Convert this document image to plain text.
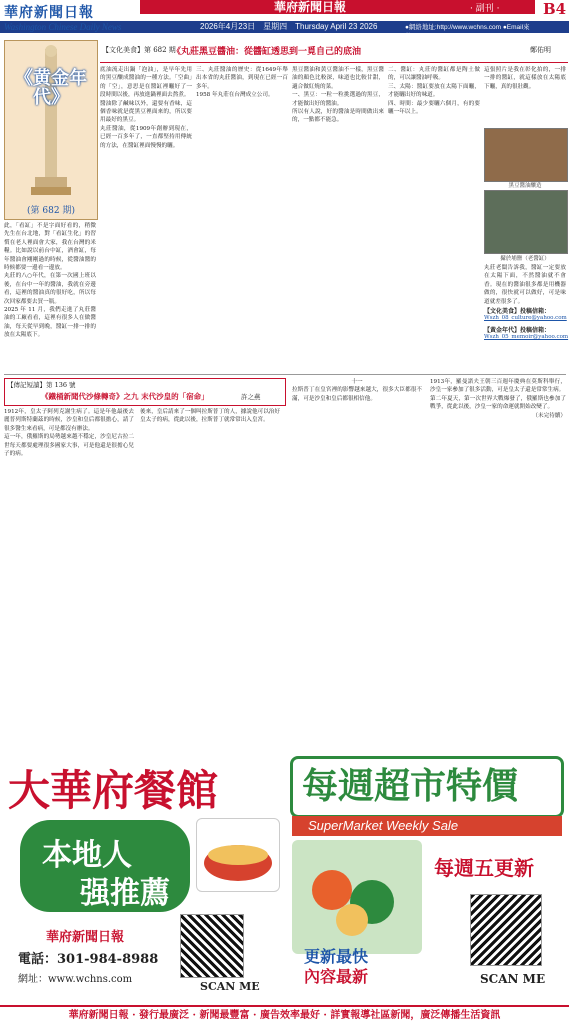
華府新聞日報
Washington Chinese Daily News
華府新聞日報	· 副刊 ·	B4
2026年4月23日　星期四　Thursday April 23 2026	●網絡地址:http://www.wchns.com ●Email來稿:news@wchns.com
《黄金年代》
(第 682 期)
此，「看缸」不是字面好看的，稍微先生在台北地，對「看缸生化」的習慣在老人裡面會大家，我在台灣的米糧。比如說以前台中缸，酒會缸，每年醬油會剛剛過的時候，從醬油醬的時候都要一邊看一邊放。
丸莊的八○年代，在第一次國上班以後，在台中一年的醬油，我就在旁邊看，這裡的醬油真的很好吃，所以每次回家都要去買一瓶。
2025 年 11 月，我們走進了丸莊醬油的工廠看看，這裡有很多人在做醬油，每天從早到晚，醬缸一排一排的放在太陽底下。
【文化美食】第 682 期
《丸莊黑豆醬油：從醬缸透思到一覓自己的底油	鄭佑明
底油流走出鍋「泡油」，是早年先用的黑豆釀成醬油的一種方法。「空曲」的「空」，意思是在醬缸裡曬好了一段時間以後，再放進鍋裡面去熬煮。
醬油除了鹹味以外，還要有香味，這個香味就是從黑豆裡面來的，所以要用最好的黑豆。
丸莊醬油，從1909年創辦到現在，已經一百多年了，一直都堅持用傳統的方法，在醬缸裡面慢慢的曬。
三、丸莊醬油的歷史：從1649年舉出本省的丸莊醬油，到現在已經一百多年。
1958 年丸莊在台灣成立公司。
黑豆醬油和黃豆醬油不一樣，黑豆醬油的顏色比較深，味道也比較甘甜，適合做紅燒的菜。
一、黑豆：一粒一粒挑選過的黑豆，才能做出好的醬油。
所以有人說，好的醬油是時間做出來的，一點都不能急。
二、醬缸：丸莊的醬缸都是陶土做的，可以讓醬油呼吸。
三、太陽：醬缸要放在太陽下面曬，才能曬出好的味道。
四、時間：最少要曬六個月，有的要曬一年以上。
這張照片是我在彰化拍的，一排一排的醬缸，就這樣放在太陽底下曬，真的很壯觀。
黑豆醬油釀造
攝於埔鹽（老醬缸）
丸莊老闆告訴我，醬缸一定要放在太陽下面，不然醬油就不會香。現在的醬油很多都是用機器做的，很快就可以做好，可是味道就差很多了。
【文化美食】投稿信箱：
Wszh_08_culture@yahoo.com
【黃金年代】投稿信箱：
Wszh_05_memoir@yahoo.com
【傳記短讀】第 136 號
《鐵桶新聞代沙條轉奇》之九 末代沙皇的「宿命」	許之燕
1912年，皇太子阿列克謝生病了。這是年他最後去麗普列斯特蘭茲的時候，沙皇和皇后都很擔心，請了很多醫生來看病，可是都沒有辦法。
這一年，俄羅斯的局勢越來越不穩定，沙皇尼古拉二世每天都要處理很多國家大事，可是他還是很擔心兒子的病。
後來，皇后請來了一個叫拉斯普丁的人，據說他可以治好皇太子的病，從此以後，拉斯普丁就常常出入皇宮。
十一
拉斯普丁在皇宮裡的影響越來越大，很多大臣都很不滿，可是沙皇和皇后都很相信他。
1913年，羅曼諾夫王朝三百週年慶典在莫斯科舉行，沙皇一家參加了很多活動，可是皇太子還是常常生病。
第二年夏天，第一次世界大戰爆發了，俄羅斯也參加了戰爭，從此以後，沙皇一家的命運就開始改變了。

（未完待續）
大華府餐館
本地人
强推薦
華府新聞日報
電話：301-984-8988
網址：www.wchns.com
SCAN ME
每週超市特價
SuperMarket Weekly Sale
每週五更新
更新最快
內容最新	SCAN ME
華府新聞日報 · 發行最廣泛 · 新聞最豐富 · 廣告效率最好 · 詳實報導社區新聞，廣泛傳播生活資訊
